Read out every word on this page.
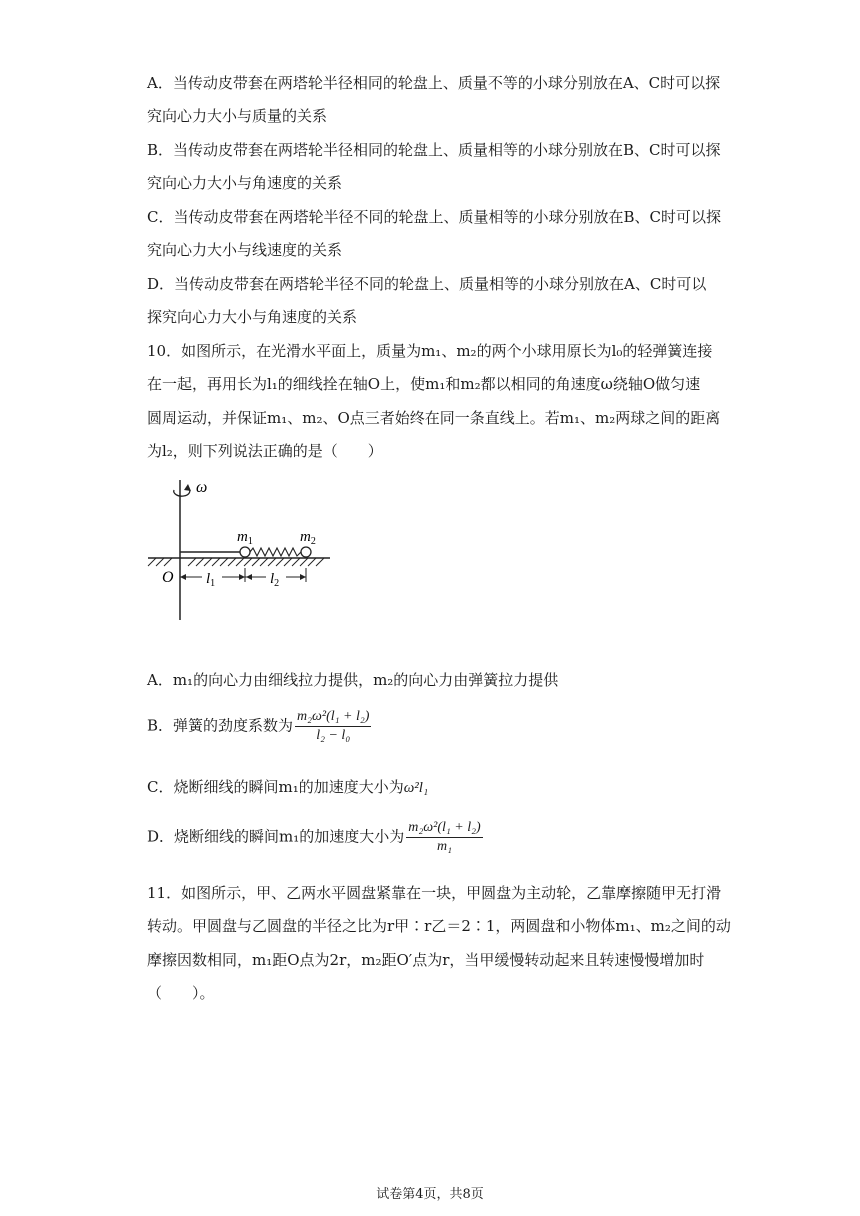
A．当传动皮带套在两塔轮半径相同的轮盘上、质量不等的小球分别放在A、C时可以探
究向心力大小与质量的关系
B．当传动皮带套在两塔轮半径相同的轮盘上、质量相等的小球分别放在B、C时可以探
究向心力大小与角速度的关系
C．当传动皮带套在两塔轮半径不同的轮盘上、质量相等的小球分别放在B、C时可以探
究向心力大小与线速度的关系
D．当传动皮带套在两塔轮半径不同的轮盘上、质量相等的小球分别放在A、C时可以
探究向心力大小与角速度的关系
10．如图所示，在光滑水平面上，质量为m₁、m₂的两个小球用原长为l₀的轻弹簧连接
在一起，再用长为l₁的细线拴在轴O上，使m₁和m₂都以相同的角速度ω绕轴O做匀速
圆周运动，并保证m₁、m₂、O点三者始终在同一条直线上。若m₁、m₂两球之间的距离
为l₂，则下列说法正确的是（　　）
ω
$m_1$	$m_2$
O $l_1$	$l_2$
A．m₁的向心力由细线拉力提供，m₂的向心力由弹簧拉力提供
B．弹簧的劲度系数为 $\frac{\text{m₂ω²(l₁ + l₂)}}{\text{l₂ − l₀}}$
C．烧断细线的瞬间m₁的加速度大小为ω²l₁
D．烧断细线的瞬间m₁的加速度大小为 $\frac{\text{m₂ω²(l₁ + l₂)}}{\text{m₁}}$
11．如图所示，甲、乙两水平圆盘紧靠在一块，甲圆盘为主动轮，乙靠摩擦随甲无打滑
转动。甲圆盘与乙圆盘的半径之比为r甲∶r乙＝2∶1，两圆盘和小物体m₁、m₂之间的动
摩擦因数相同，m₁距O点为2r，m₂距O′点为r，当甲缓慢转动起来且转速慢慢增加时
（　　）。
试卷第4页，共8页
